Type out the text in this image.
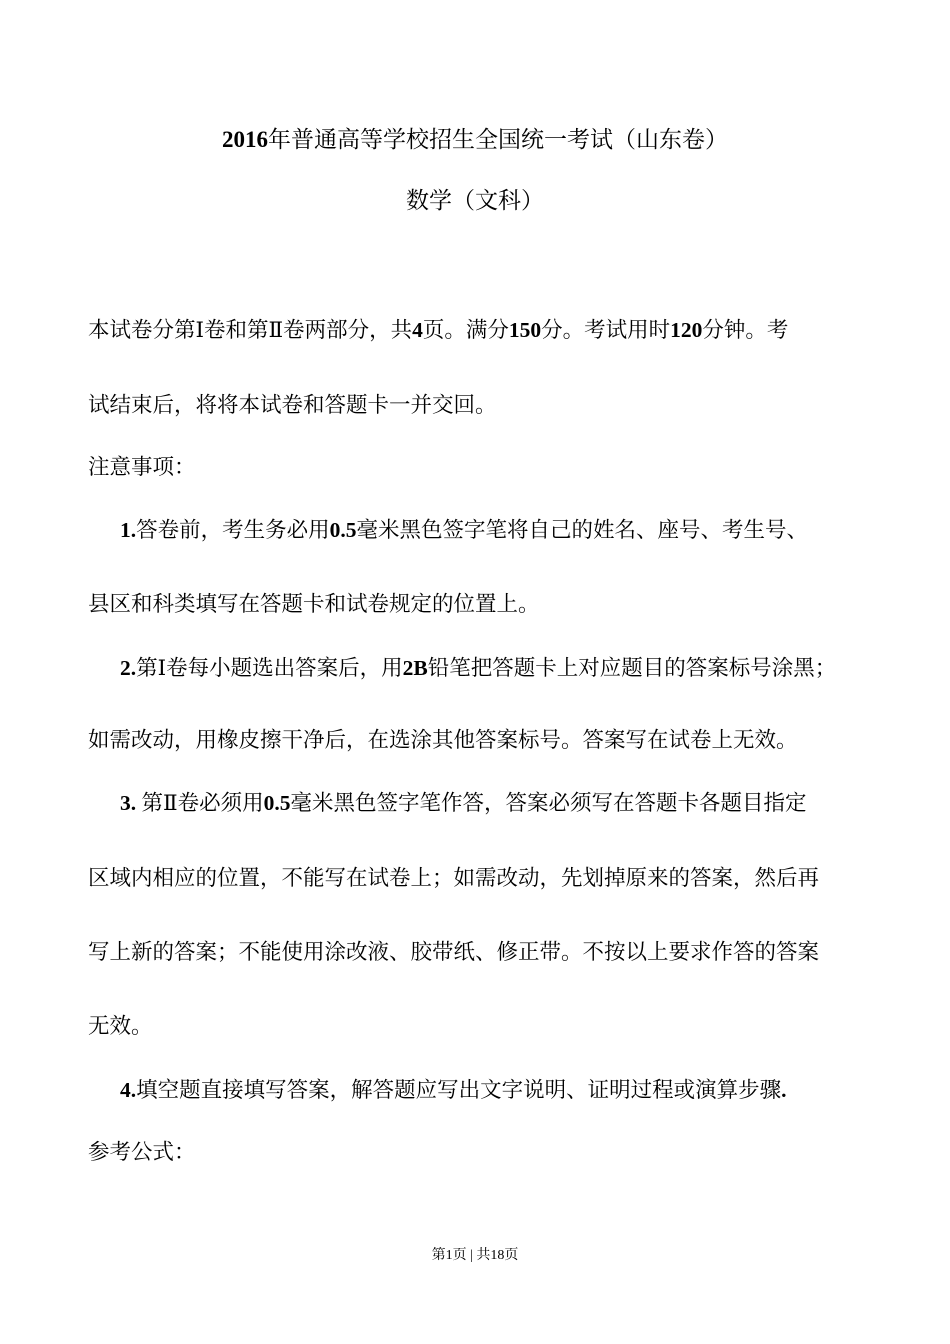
2016年普通高等学校招生全国统一考试（山东卷）
数学（文科）
本试卷分第Ⅰ卷和第Ⅱ卷两部分，共4页。满分150分。考试用时120分钟。考
试结束后，将将本试卷和答题卡一并交回。
注意事项：
1.答卷前，考生务必用0.5毫米黑色签字笔将自己的姓名、座号、考生号、
县区和科类填写在答题卡和试卷规定的位置上。
2.第Ⅰ卷每小题选出答案后，用2B铅笔把答题卡上对应题目的答案标号涂黑；
如需改动，用橡皮擦干净后，在选涂其他答案标号。答案写在试卷上无效。
3. 第Ⅱ卷必须用0.5毫米黑色签字笔作答，答案必须写在答题卡各题目指定
区域内相应的位置，不能写在试卷上；如需改动，先划掉原来的答案，然后再
写上新的答案；不能使用涂改液、胶带纸、修正带。不按以上要求作答的答案
无效。
4.填空题直接填写答案，解答题应写出文字说明、证明过程或演算步骤.
参考公式：
第1页 | 共18页
